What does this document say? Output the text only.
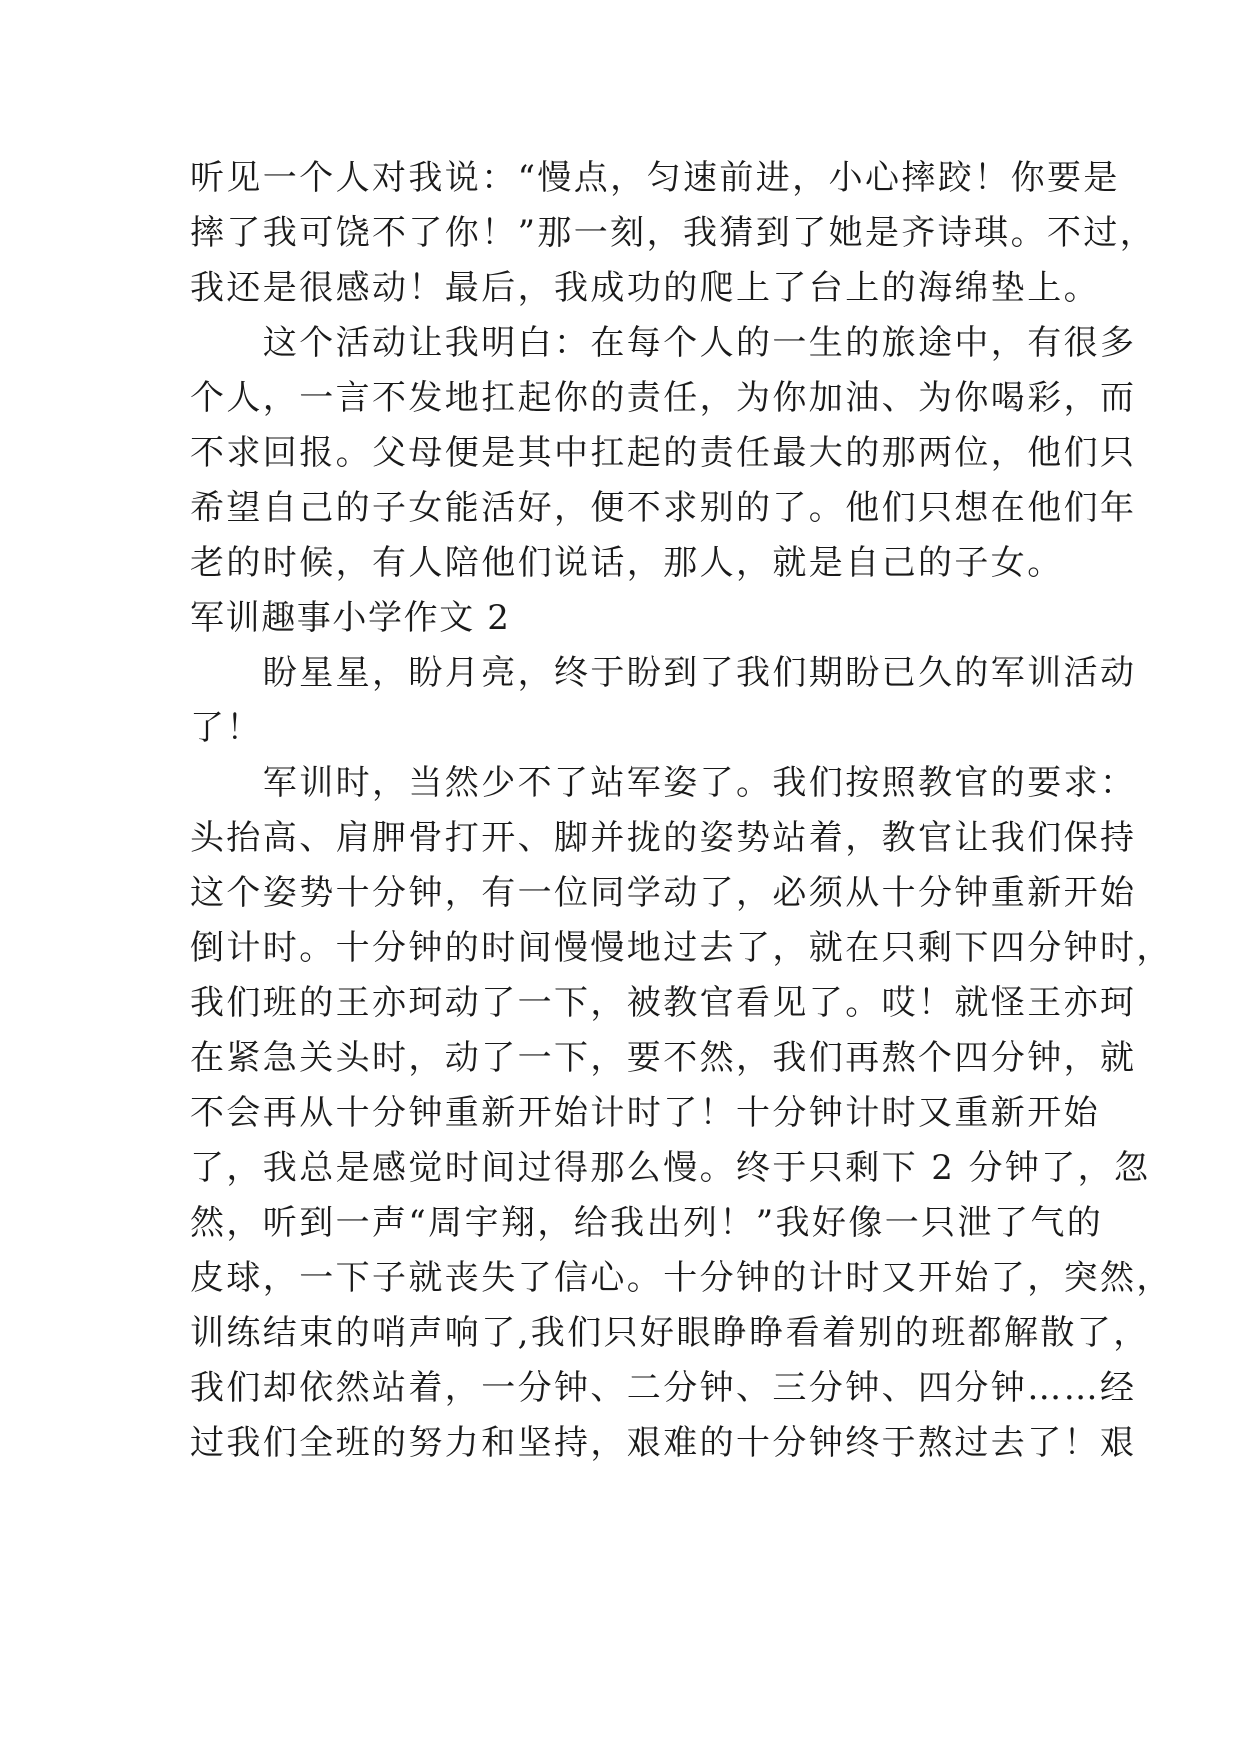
听见一个人对我说：“慢点，匀速前进，小心摔跤！你要是
摔了我可饶不了你！”那一刻，我猜到了她是齐诗琪。不过，
我还是很感动！最后，我成功的爬上了台上的海绵垫上。
　　这个活动让我明白：在每个人的一生的旅途中，有很多
个人，一言不发地扛起你的责任，为你加油、为你喝彩，而
不求回报。父母便是其中扛起的责任最大的那两位，他们只
希望自己的子女能活好，便不求别的了。他们只想在他们年
老的时候，有人陪他们说话，那人，就是自己的子女。
军训趣事小学作文 2
　　盼星星，盼月亮，终于盼到了我们期盼已久的军训活动
了！
　　军训时，当然少不了站军姿了。我们按照教官的要求：
头抬高、肩胛骨打开、脚并拢的姿势站着，教官让我们保持
这个姿势十分钟，有一位同学动了，必须从十分钟重新开始
倒计时。十分钟的时间慢慢地过去了，就在只剩下四分钟时，
我们班的王亦珂动了一下，被教官看见了。哎！就怪王亦珂
在紧急关头时，动了一下，要不然，我们再熬个四分钟，就
不会再从十分钟重新开始计时了！十分钟计时又重新开始
了，我总是感觉时间过得那么慢。终于只剩下 2 分钟了，忽
然，听到一声“周宇翔，给我出列！”我好像一只泄了气的
皮球，一下子就丧失了信心。十分钟的计时又开始了，突然，
训练结束的哨声响了,我们只好眼睁睁看着别的班都解散了，
我们却依然站着，一分钟、二分钟、三分钟、四分钟……经
过我们全班的努力和坚持，艰难的十分钟终于熬过去了！艰
